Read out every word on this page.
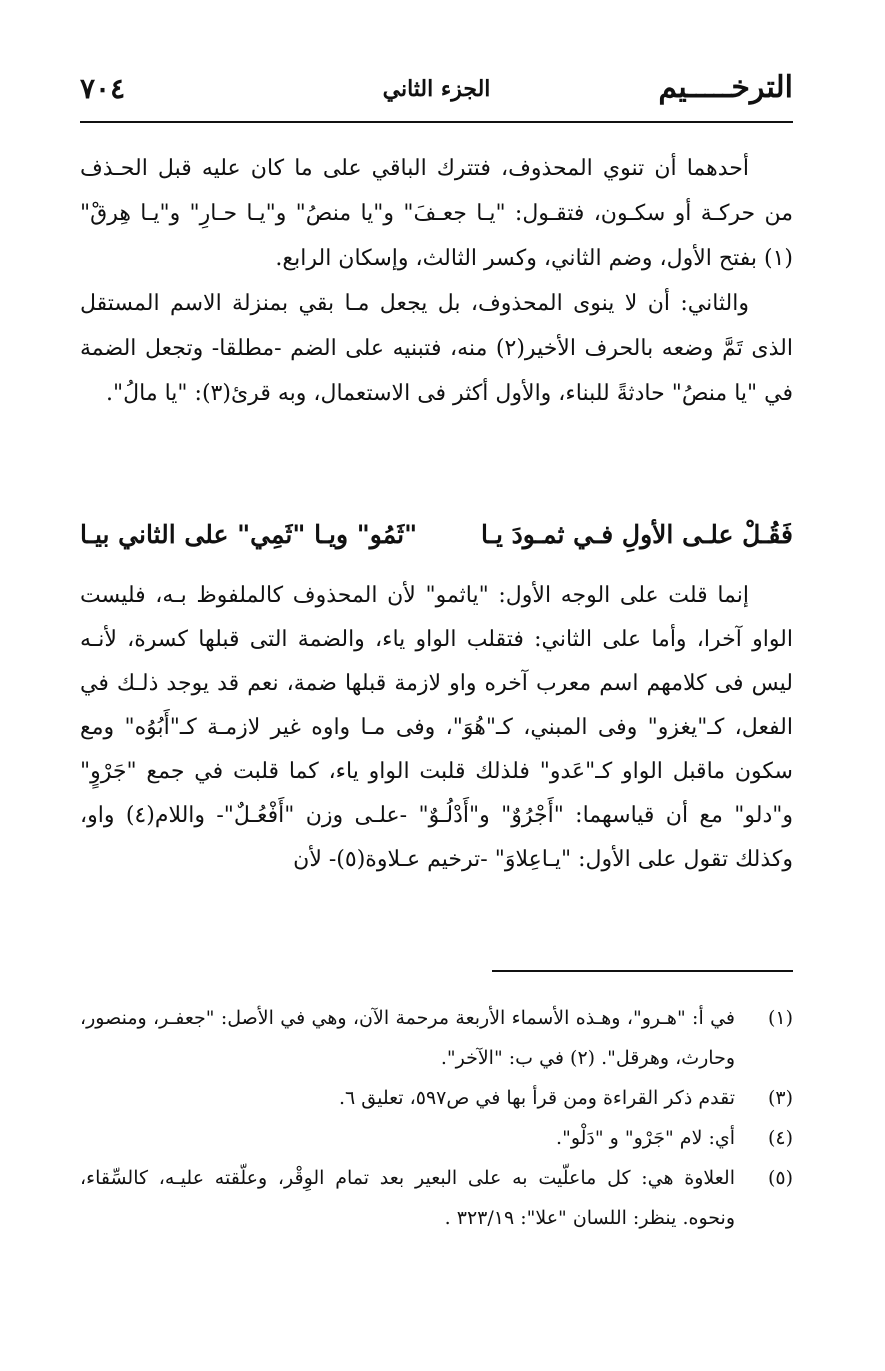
الترخـــــيم
الجزء الثاني
٧٠٤

أحدهما أن تنوي المحذوف، فتترك الباقي على ما كان عليه قبل الحـذف من حركـة أو سكـون، فتقـول: "يـا جعـفَ" و"يا منصُ" و"يـا حـارِ" و"يـا هِرقْ"(١) بفتح الأول، وضم الثاني، وكسر الثالث، وإسكان الرابع.

والثاني: أن لا ينوى المحذوف، بل يجعل مـا بقي بمنزلة الاسم المستقل الذى تَمَّ وضعه بالحرف الأخير(٢) منه، فتبنيه على الضم -مطلقا- وتجعل الضمة في "يا منصُ" حادثةً للبناء، والأول أكثر فى الاستعمال، وبه قرئ(٣): "يا مالُ".

فَقُـلْ علـى الأولِ فـي ثمـودَ يـا
"ثَمُو" ويـا "ثَمِي" على الثاني بيـا

إنما قلت على الوجه الأول: "ياثمو" لأن المحذوف كالملفوظ بـه، فليست الواو آخرا، وأما على الثاني: فتقلب الواو ياء، والضمة التى قبلها كسرة، لأنـه ليس فى كلامهم اسم معرب آخره واو لازمة قبلها ضمة، نعم قد يوجد ذلـك في الفعل، كـ"يغزو" وفى المبني، كـ"هُوَ"، وفى مـا واوه غير لازمـة كـ"أَبُوُه" ومع سكون ماقبل الواو كـ"عَدو" فلذلك قلبت الواو ياء، كما قلبت في جمع "جَرْوٍ" و"دلو" مع أن قياسهما: "أَجْرُوٌ" و"أَدْلُـوٌ" -علـى وزن "أَفْعُـلٌ"- واللام(٤) واو، وكذلك تقول على الأول: "يـاعِلاوَ" -ترخيم عـلاوة(٥)- لأن

(١)
في أ: "هـرو"، وهـذه الأسماء الأربعة مرحمة الآن، وهي في الأصل: "جعفـر، ومنصور، وحارث، وهرقل". (٢) في ب: "الآخر".
(٣)
تقدم ذكر القراءة ومن قرأ بها في ص٥٩٧، تعليق ٦.
(٤)
أي: لام "جَرْو" و "دَلْو".
(٥)
العلاوة هي: كل ماعلّيت به على البعير بعد تمام الوِقْر، وعلّقته عليـه، كالسِّقاء، ونحوه. ينظر: اللسان "علا": ٣٢٣/١٩ .
